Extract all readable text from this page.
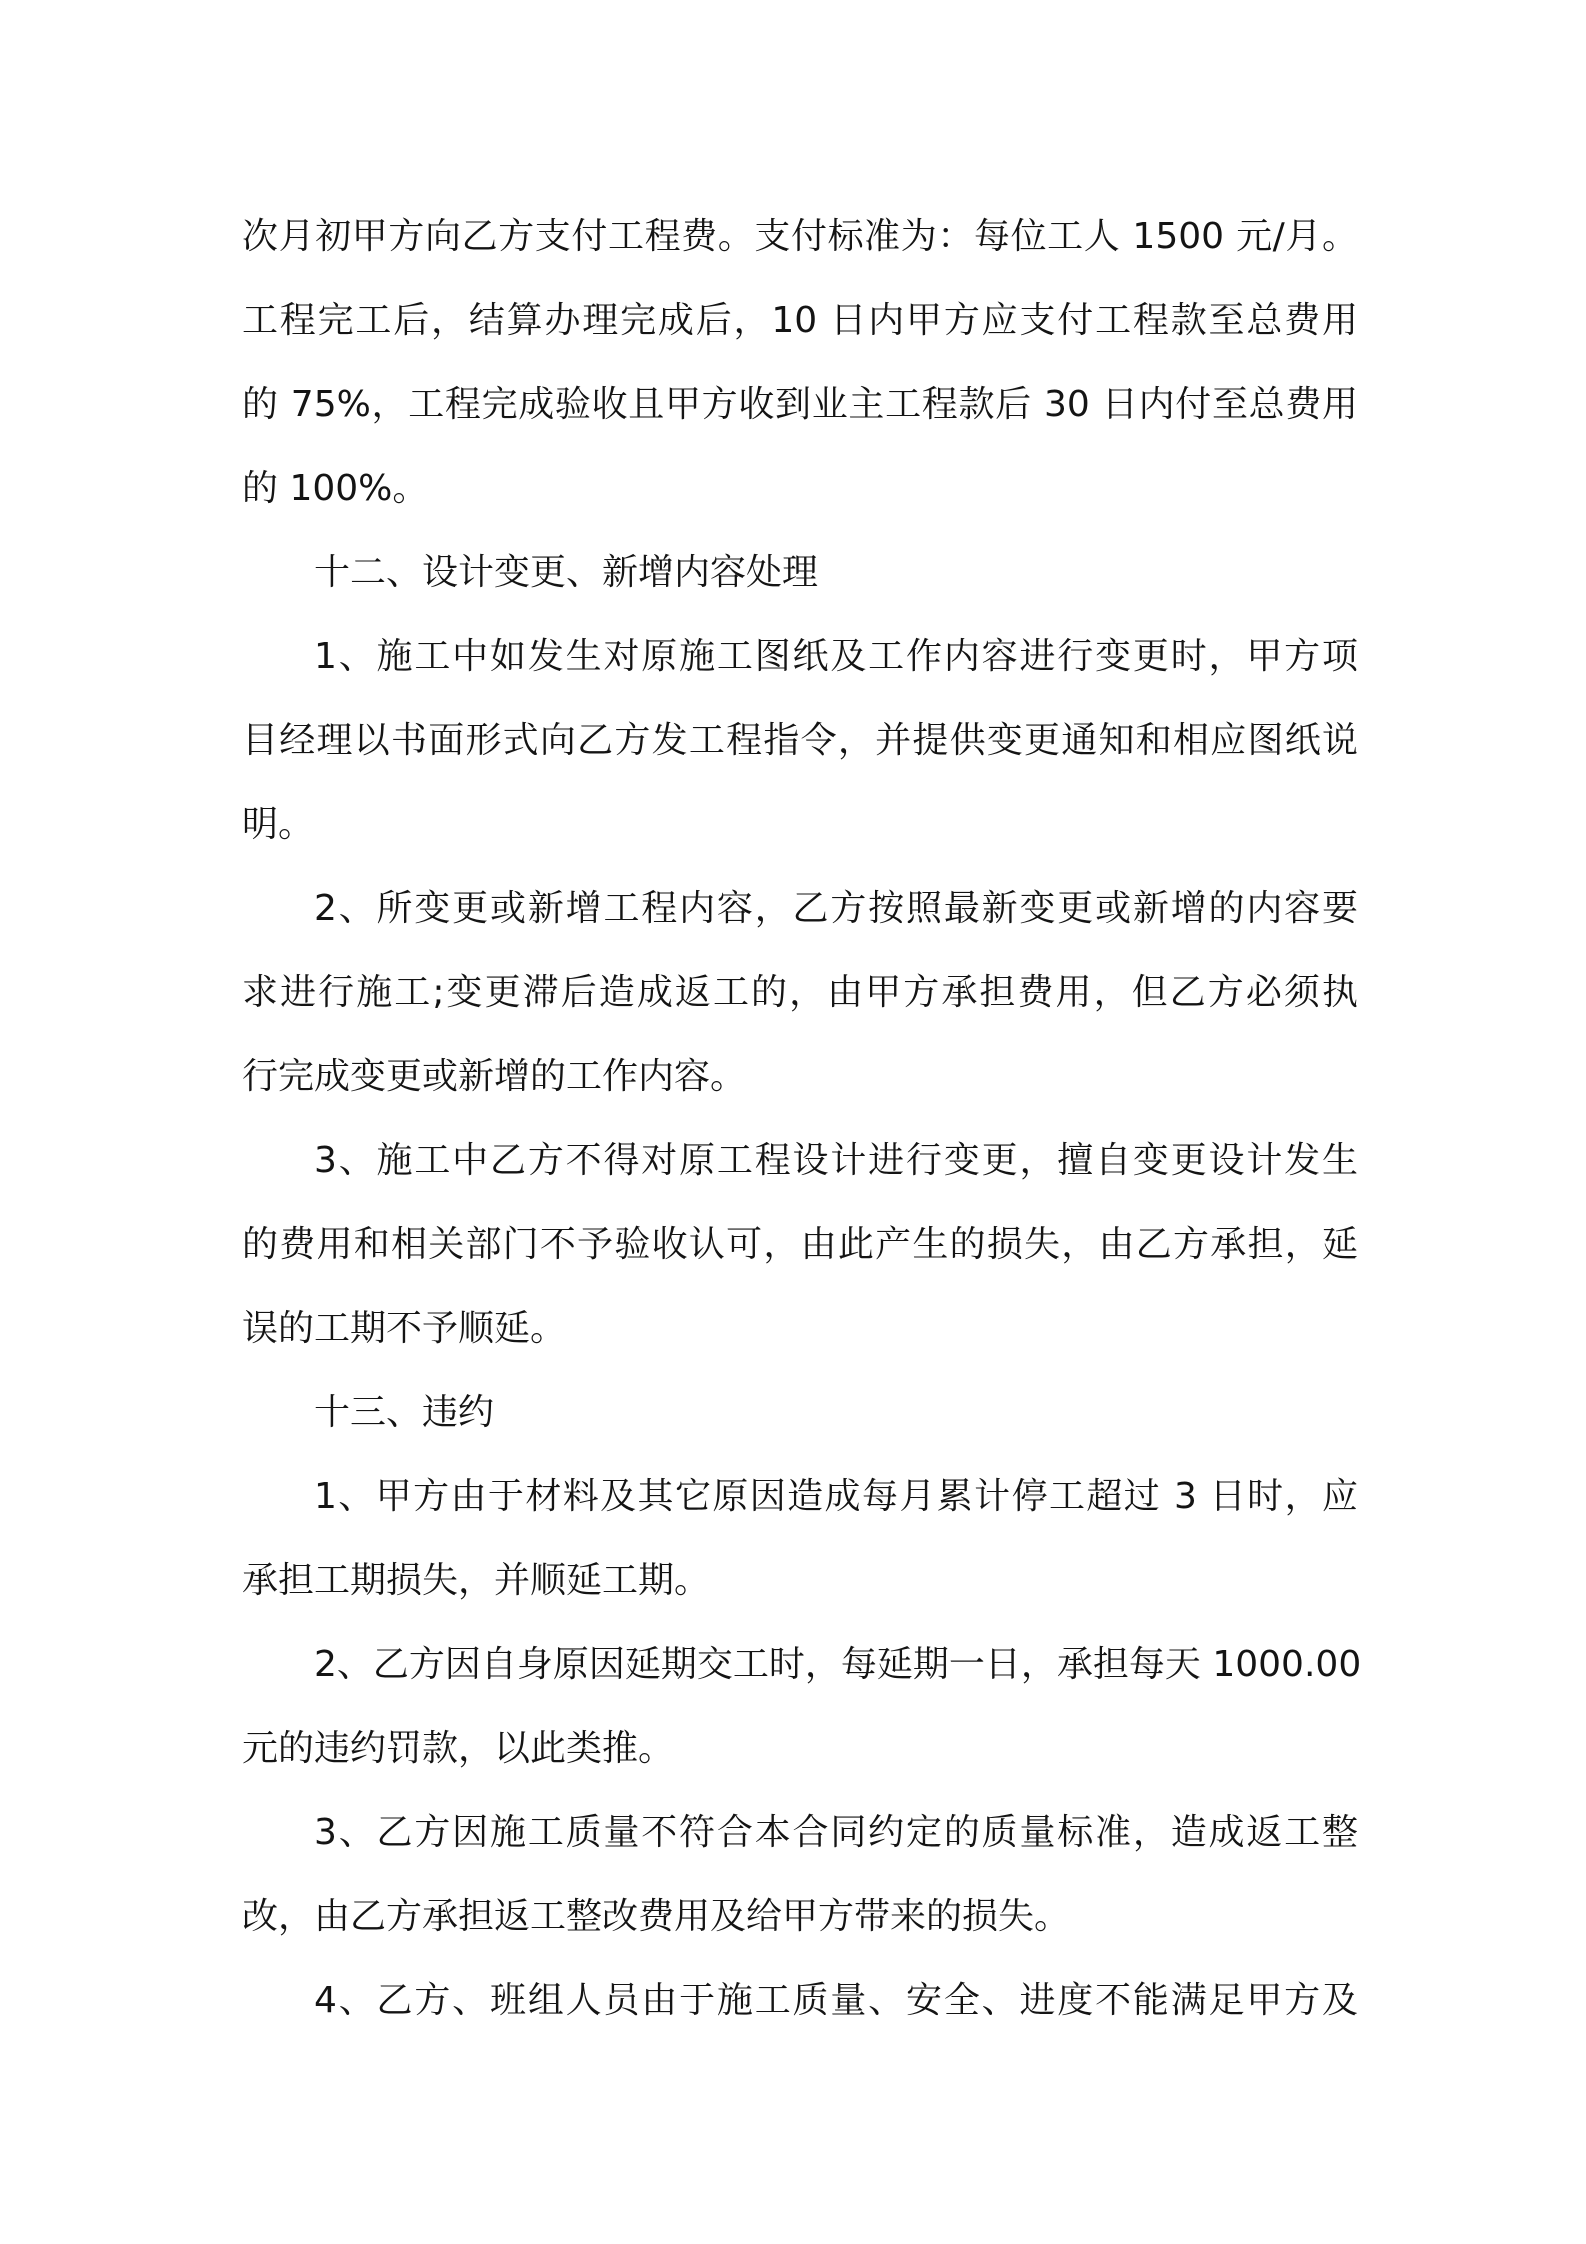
次月初甲方向乙方支付工程费。支付标准为：每位工人 1500 元/月。
工程完工后，结算办理完成后，10 日内甲方应支付工程款至总费用
的 75%，工程完成验收且甲方收到业主工程款后 30 日内付至总费用
的 100%。
十二、设计变更、新增内容处理
1、施工中如发生对原施工图纸及工作内容进行变更时，甲方项
目经理以书面形式向乙方发工程指令，并提供变更通知和相应图纸说
明。
2、所变更或新增工程内容，乙方按照最新变更或新增的内容要
求进行施工;变更滞后造成返工的，由甲方承担费用，但乙方必须执
行完成变更或新增的工作内容。
3、施工中乙方不得对原工程设计进行变更，擅自变更设计发生
的费用和相关部门不予验收认可，由此产生的损失，由乙方承担，延
误的工期不予顺延。
十三、违约
1、甲方由于材料及其它原因造成每月累计停工超过 3 日时，应
承担工期损失，并顺延工期。
2、乙方因自身原因延期交工时，每延期一日，承担每天 1000.00
元的违约罚款，以此类推。
3、乙方因施工质量不符合本合同约定的质量标准，造成返工整
改，由乙方承担返工整改费用及给甲方带来的损失。
4、乙方、班组人员由于施工质量、安全、进度不能满足甲方及
